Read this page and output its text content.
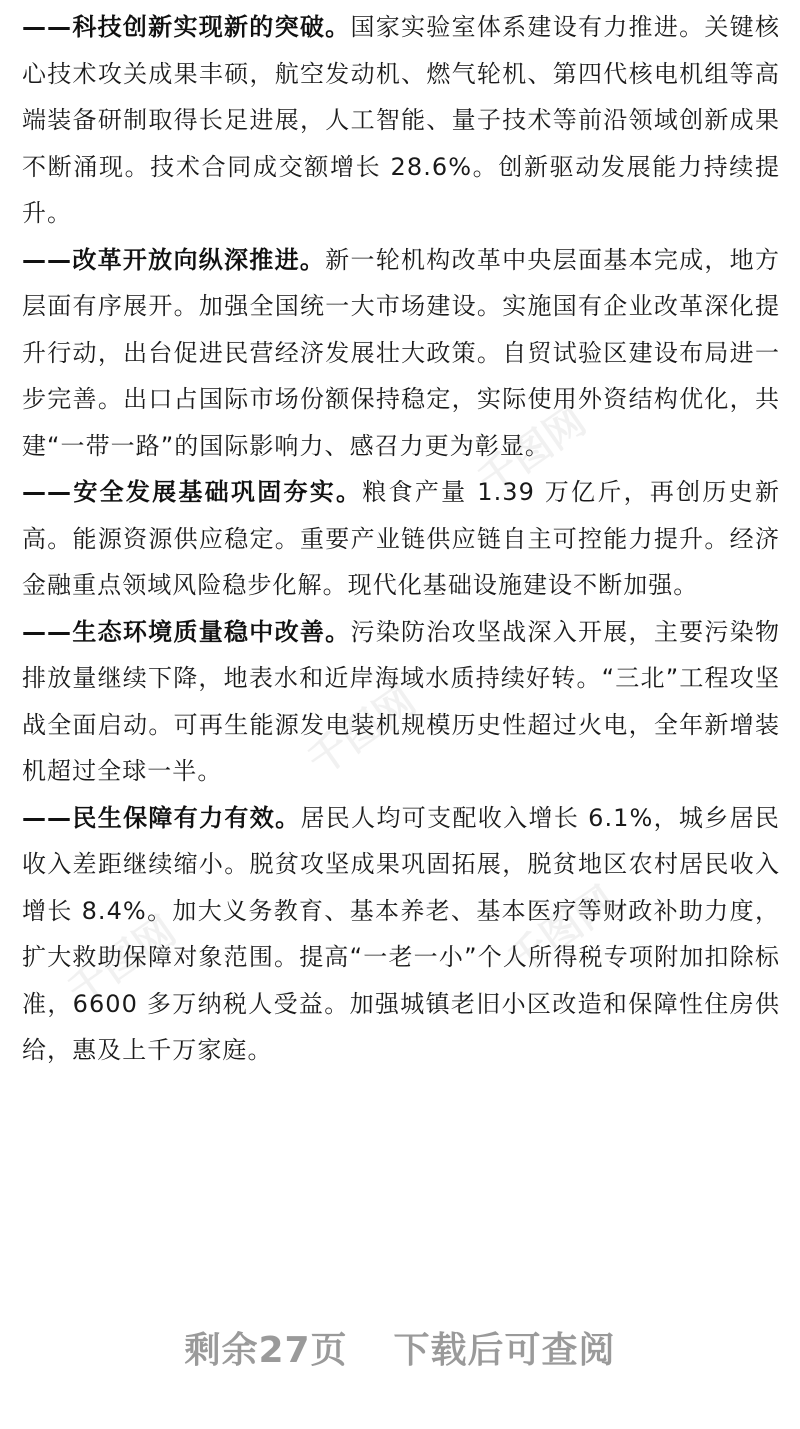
千图网
千图网
千图网	千图网

——科技创新实现新的突破。国家实验室体系建设有力推进。关键核心技术攻关成果丰硕，航空发动机、燃气轮机、第四代核电机组等高端装备研制取得长足进展，人工智能、量子技术等前沿领域创新成果不断涌现。技术合同成交额增长 28.6%。创新驱动发展能力持续提升。

——改革开放向纵深推进。新一轮机构改革中央层面基本完成，地方层面有序展开。加强全国统一大市场建设。实施国有企业改革深化提升行动，出台促进民营经济发展壮大政策。自贸试验区建设布局进一步完善。出口占国际市场份额保持稳定，实际使用外资结构优化，共建“一带一路”的国际影响力、感召力更为彰显。

——安全发展基础巩固夯实。粮食产量 1.39 万亿斤，再创历史新高。能源资源供应稳定。重要产业链供应链自主可控能力提升。经济金融重点领域风险稳步化解。现代化基础设施建设不断加强。

——生态环境质量稳中改善。污染防治攻坚战深入开展，主要污染物排放量继续下降，地表水和近岸海域水质持续好转。“三北”工程攻坚战全面启动。可再生能源发电装机规模历史性超过火电，全年新增装机超过全球一半。

——民生保障有力有效。居民人均可支配收入增长 6.1%，城乡居民收入差距继续缩小。脱贫攻坚成果巩固拓展，脱贫地区农村居民收入增长 8.4%。加大义务教育、基本养老、基本医疗等财政补助力度，扩大救助保障对象范围。提高“一老一小”个人所得税专项附加扣除标准，6600 多万纳税人受益。加强城镇老旧小区改造和保障性住房供给，惠及上千万家庭。

剩余27页 下载后可查阅
